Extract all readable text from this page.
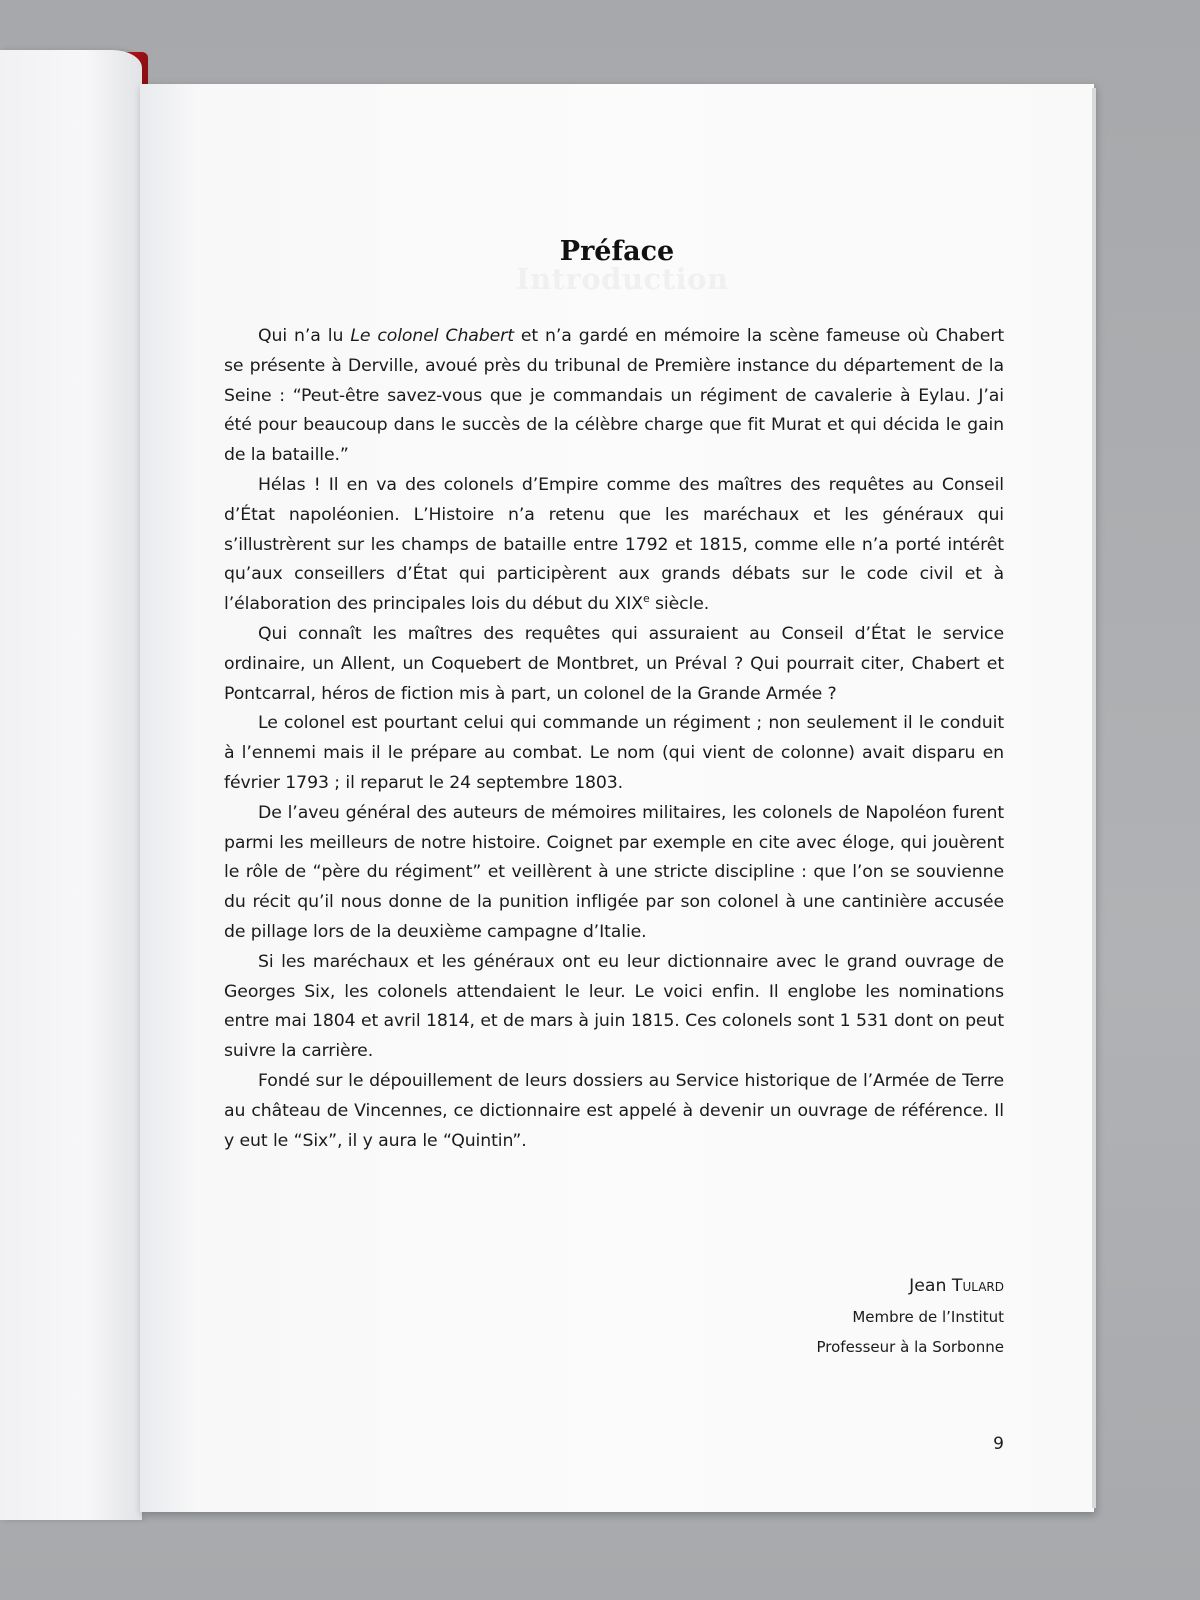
Introduction
Préface

Qui n’a lu Le colonel Chabert et n’a gardé en mémoire la scène fameuse où Chabert se présente à Derville, avoué près du tribunal de Première instance du département de la Seine : “Peut-être savez-vous que je commandais un régiment de cavalerie à Eylau. J’ai été pour beaucoup dans le succès de la célèbre charge que fit Murat et qui décida le gain de la bataille.”

Hélas ! Il en va des colonels d’Empire comme des maîtres des requêtes au Conseil d’État napoléonien. L’Histoire n’a retenu que les maréchaux et les généraux qui s’illustrèrent sur les champs de bataille entre 1792 et 1815, comme elle n’a porté intérêt qu’aux conseillers d’État qui participèrent aux grands débats sur le code civil et à l’élaboration des principales lois du début du XIXe siècle.

Qui connaît les maîtres des requêtes qui assuraient au Conseil d’État le service ordinaire, un Allent, un Coquebert de Montbret, un Préval ? Qui pourrait citer, Chabert et Pontcarral, héros de fiction mis à part, un colonel de la Grande Armée ?

Le colonel est pourtant celui qui commande un régiment ; non seulement il le conduit à l’ennemi mais il le prépare au combat. Le nom (qui vient de colonne) avait disparu en février 1793 ; il reparut le 24 septembre 1803.

De l’aveu général des auteurs de mémoires militaires, les colonels de Napoléon furent parmi les meilleurs de notre histoire. Coignet par exemple en cite avec éloge, qui jouèrent le rôle de “père du régiment” et veillèrent à une stricte discipline : que l’on se souvienne du récit qu’il nous donne de la punition infligée par son colonel à une cantinière accusée de pillage lors de la deuxième campagne d’Italie.

Si les maréchaux et les généraux ont eu leur dictionnaire avec le grand ouvrage de Georges Six, les colonels attendaient le leur. Le voici enfin. Il englobe les nominations entre mai 1804 et avril 1814, et de mars à juin 1815. Ces colonels sont 1 531 dont on peut suivre la carrière.

Fondé sur le dépouillement de leurs dossiers au Service historique de l’Armée de Terre au château de Vincennes, ce dictionnaire est appelé à devenir un ouvrage de référence. Il y eut le “Six”, il y aura le “Quintin”.

Jean Tulard
Membre de l’Institut
Professeur à la Sorbonne
9
